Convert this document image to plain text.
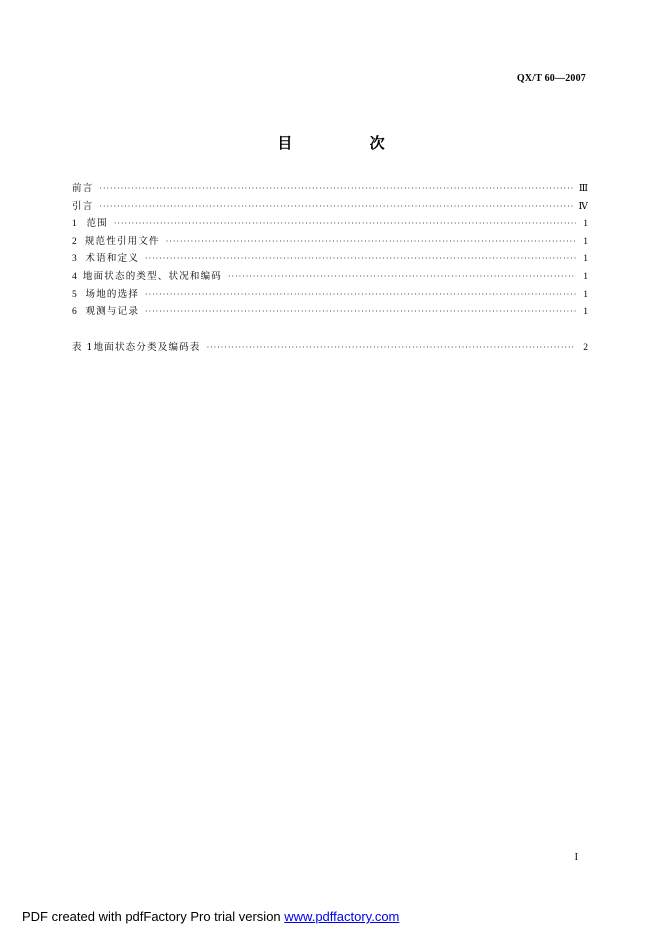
QX/T 60—2007
目 次
前言 ·····	Ⅲ
引言 ·····	Ⅳ
1	范围 ·····	1
2 规范性引用文件 ·····	1
3 术语和定义 ·····	1
4 地面状态的类型、状况和编码 ·····	1
5 场地的选择 ·····	1
6 观测与记录 ·····	1
表 1 地面状态分类及编码表 ·····	2
I
PDF created with pdfFactory Pro trial version www.pdffactory.com
